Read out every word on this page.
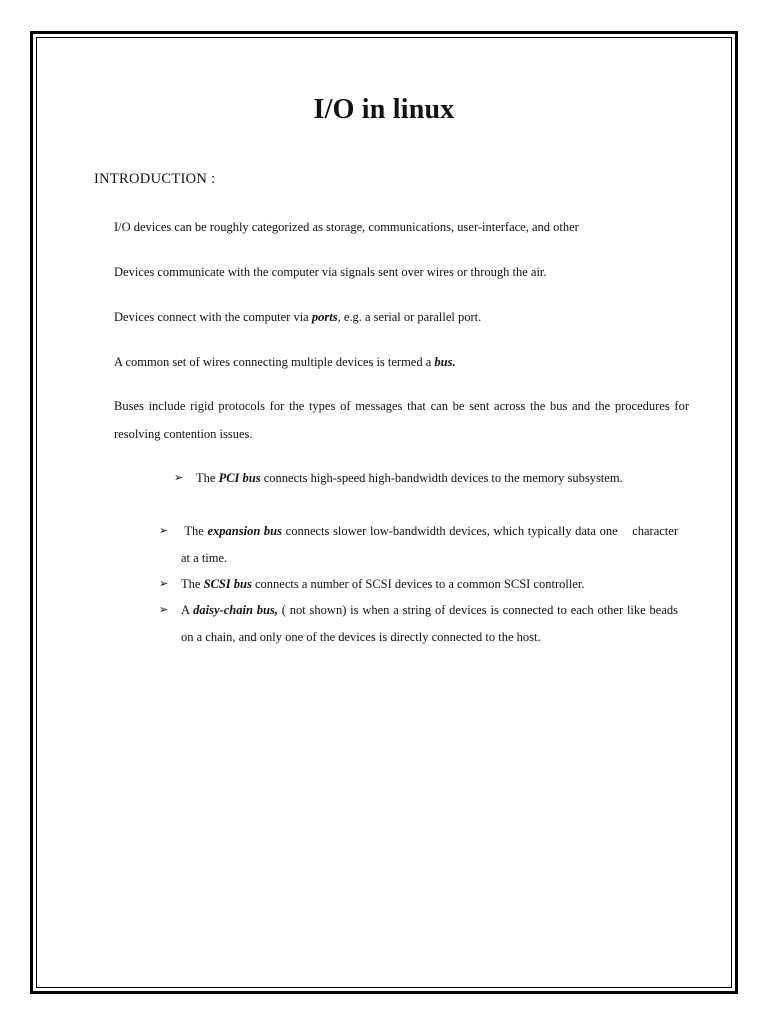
I/O in linux
INTRODUCTION :
I/O devices can be roughly categorized as storage, communications, user-interface, and other
Devices communicate with the computer via signals sent over wires or through the air.
Devices connect with the computer via ports, e.g. a serial or parallel port.
A common set of wires connecting multiple devices is termed a bus.
Buses include rigid protocols for the types of messages that can be sent across the bus and the procedures for resolving contention issues.
➢ The PCI bus connects high-speed high-bandwidth devices to the memory subsystem.
➢ The expansion bus connects slower low-bandwidth devices, which typically data one    character at a time.
➢ The SCSI bus connects a number of SCSI devices to a common SCSI controller.
➢ A daisy-chain bus, ( not shown) is when a string of devices is connected to each other like beads on a chain, and only one of the devices is directly connected to the host.
